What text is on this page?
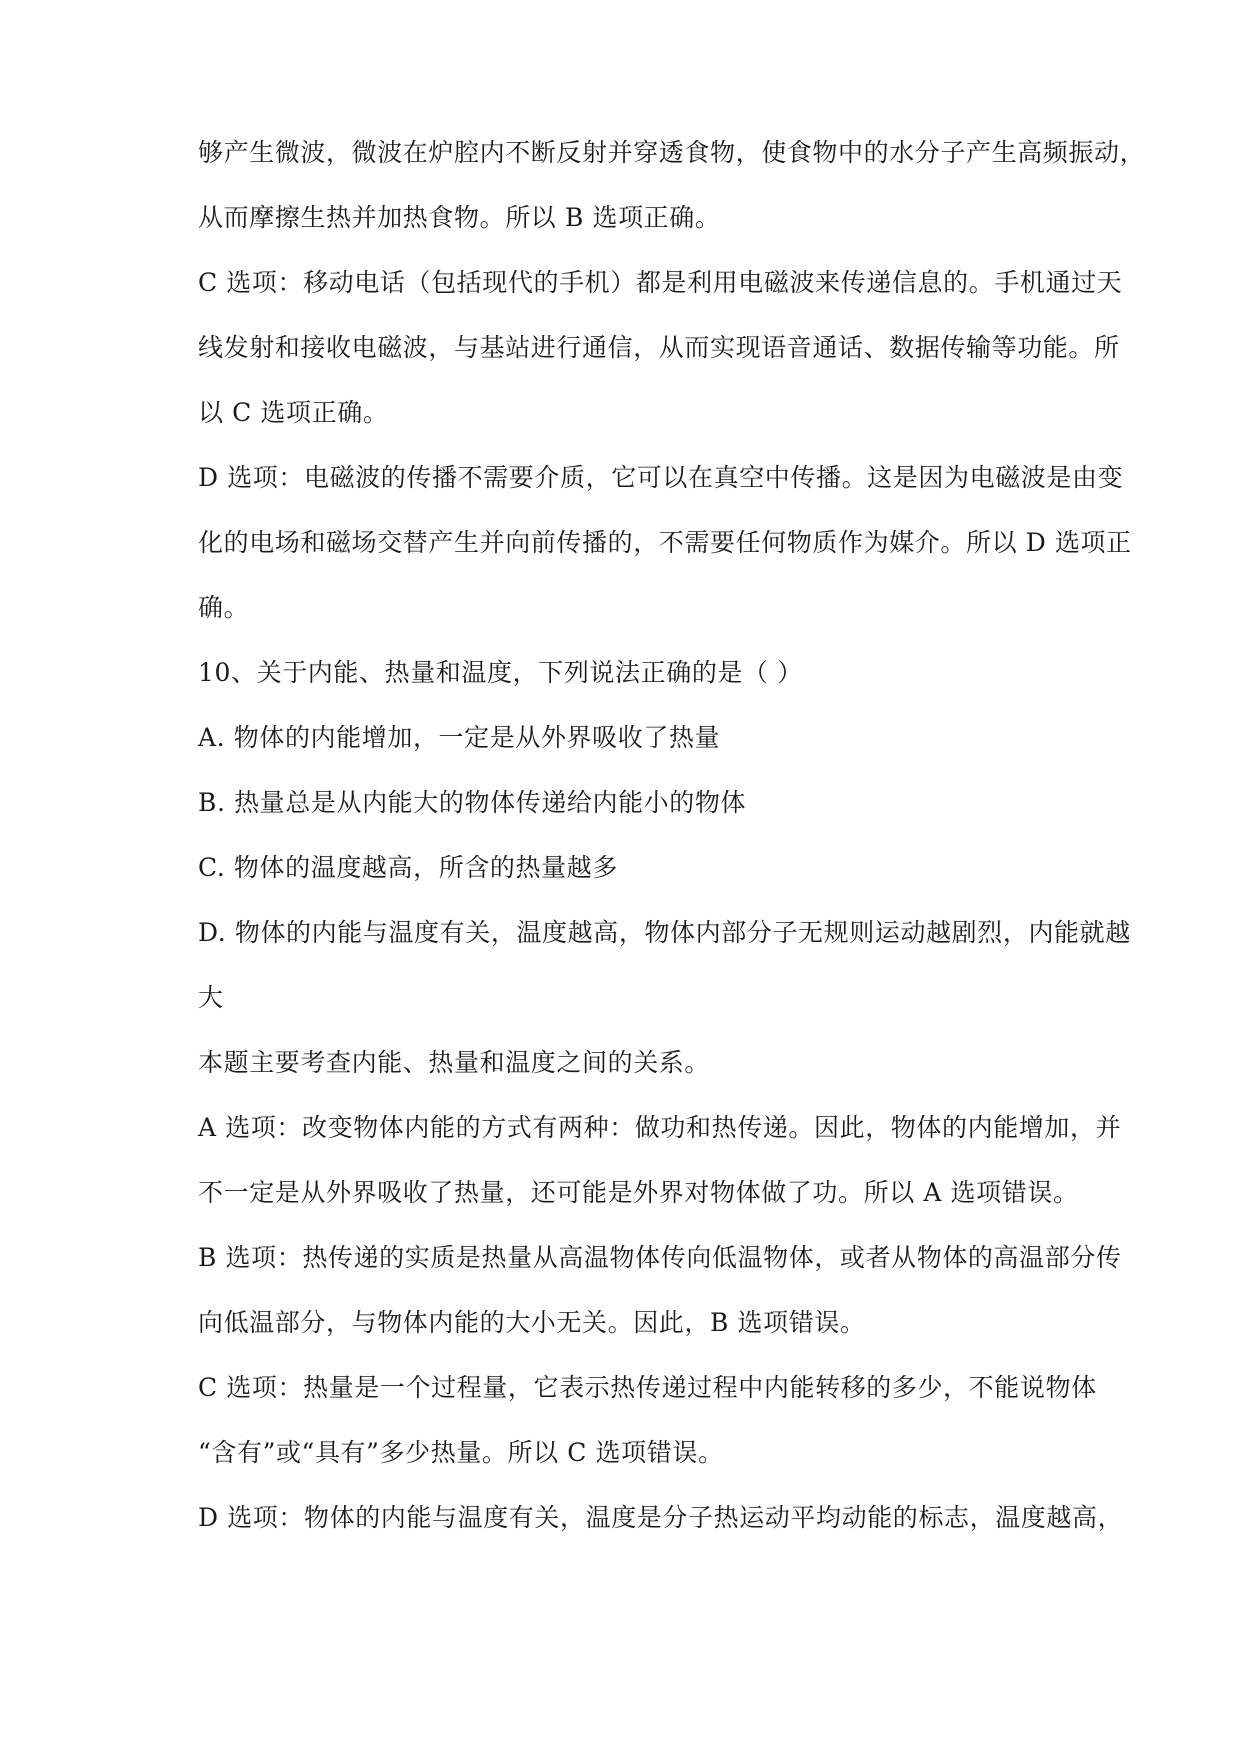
够产生微波，微波在炉腔内不断反射并穿透食物，使食物中的水分子产生高频振动，

从而摩擦生热并加热食物。所以 B 选项正确。

C 选项：移动电话（包括现代的手机）都是利用电磁波来传递信息的。手机通过天

线发射和接收电磁波，与基站进行通信，从而实现语音通话、数据传输等功能。所

以 C 选项正确。

D 选项：电磁波的传播不需要介质，它可以在真空中传播。这是因为电磁波是由变

化的电场和磁场交替产生并向前传播的，不需要任何物质作为媒介。所以 D 选项正

确。

10、关于内能、热量和温度，下列说法正确的是（ ）

A. 物体的内能增加，一定是从外界吸收了热量

B. 热量总是从内能大的物体传递给内能小的物体

C. 物体的温度越高，所含的热量越多

D. 物体的内能与温度有关，温度越高，物体内部分子无规则运动越剧烈，内能就越

大

本题主要考查内能、热量和温度之间的关系。

A 选项：改变物体内能的方式有两种：做功和热传递。因此，物体的内能增加，并

不一定是从外界吸收了热量，还可能是外界对物体做了功。所以 A 选项错误。

B 选项：热传递的实质是热量从高温物体传向低温物体，或者从物体的高温部分传

向低温部分，与物体内能的大小无关。因此，B 选项错误。

C 选项：热量是一个过程量，它表示热传递过程中内能转移的多少，不能说物体

“含有”或“具有”多少热量。所以 C 选项错误。

D 选项：物体的内能与温度有关，温度是分子热运动平均动能的标志，温度越高，
